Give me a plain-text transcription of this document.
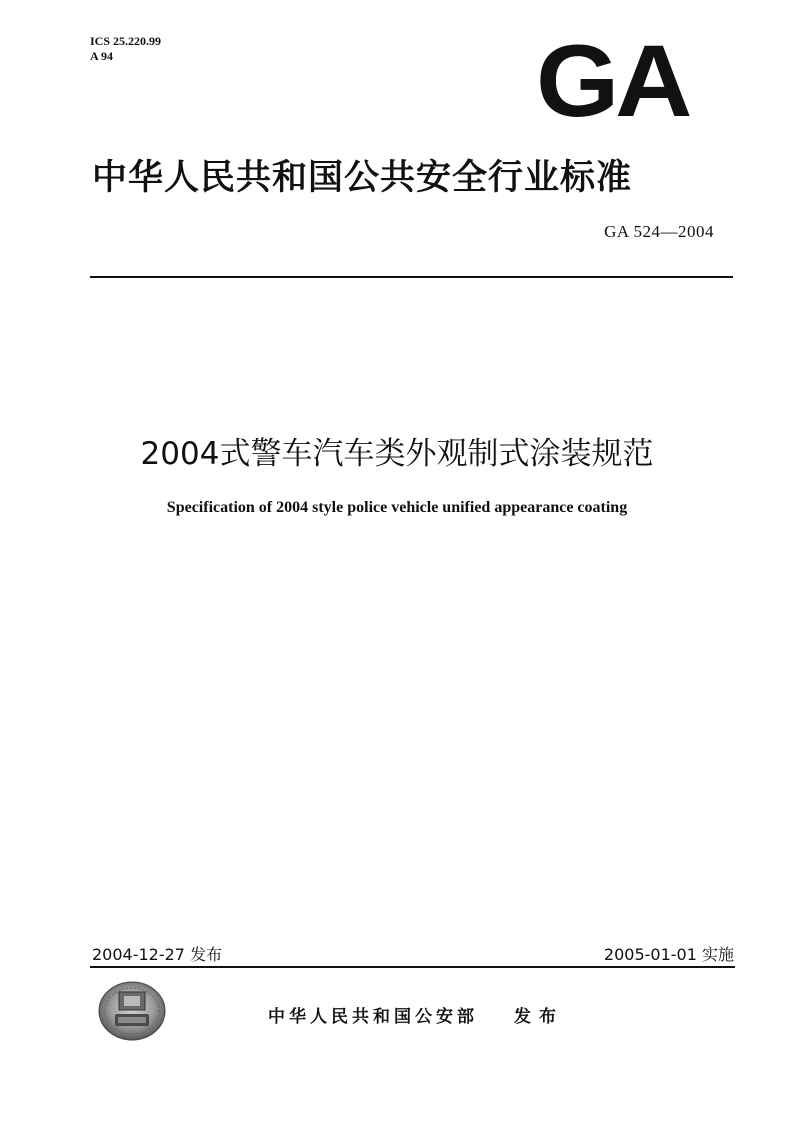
ICS 25.220.99
A 94	GA
中华人民共和国公共安全行业标准
GA 524—2004
2004式警车汽车类外观制式涂装规范
Specification of 2004 style police vehicle unified appearance coating
2004-12-27 发布	2005-01-01 实施
中华人民共和国公安部 发布
